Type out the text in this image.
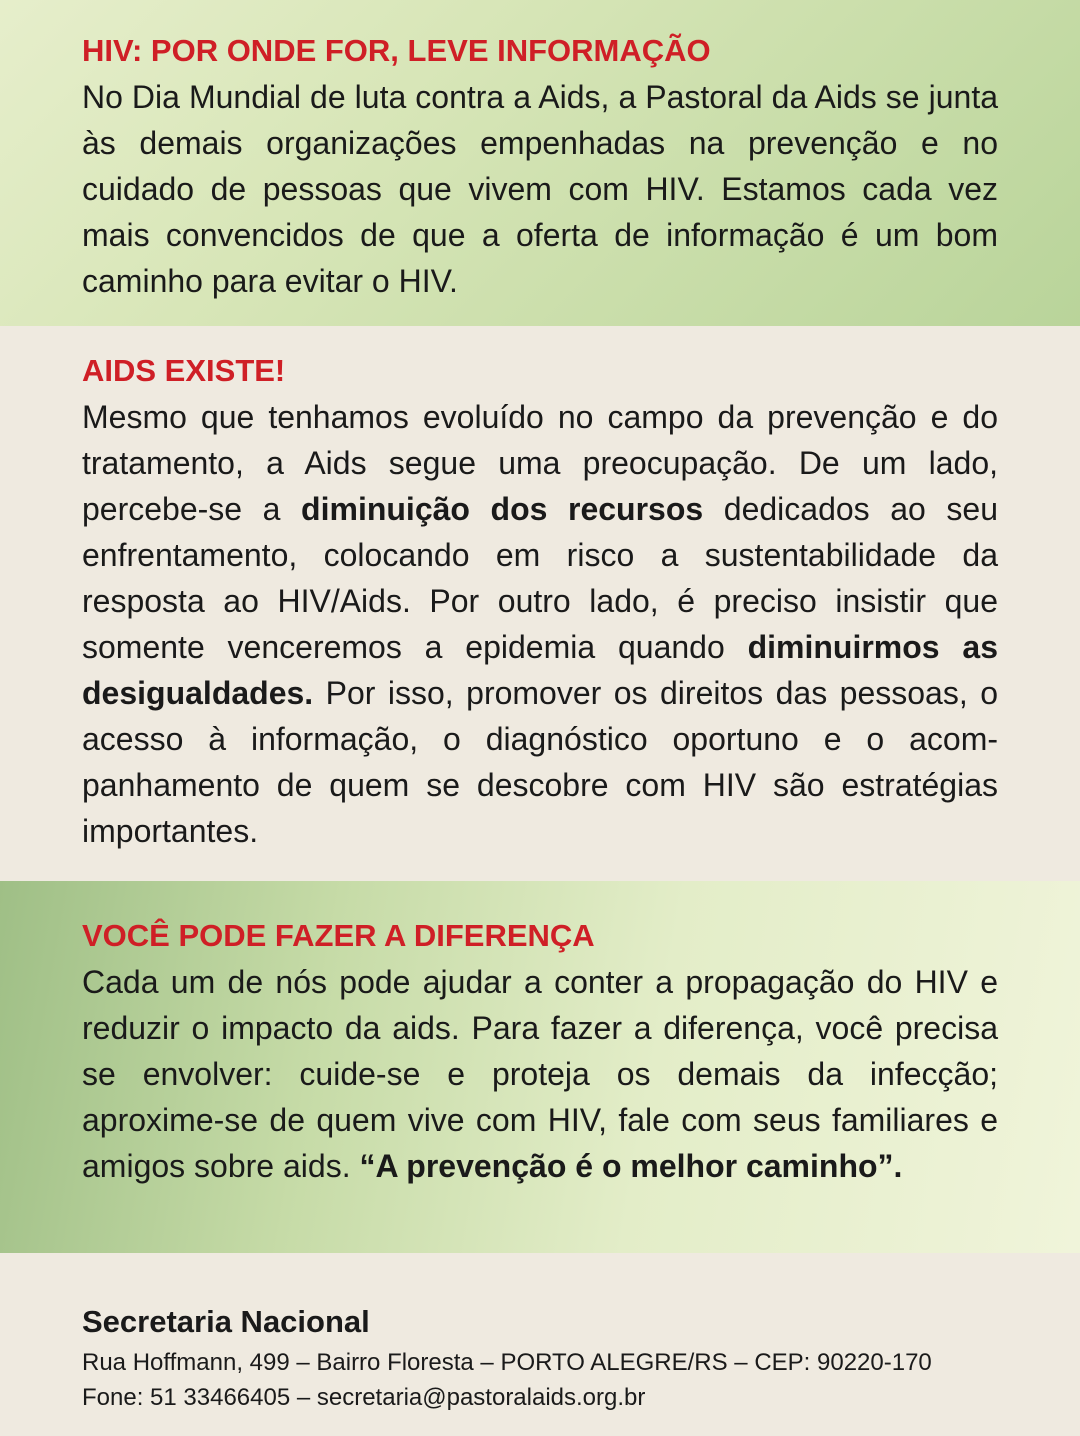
HIV: POR ONDE FOR, LEVE INFORMAÇÃO

No Dia Mundial de luta contra a Aids, a Pastoral da Aids se junta às demais organizações empenhadas na prevenção e no cuidado de pessoas que vivem com HIV. Estamos cada vez mais convencidos de que a oferta de informação é um bom caminho para evitar o HIV.

AIDS EXISTE!

Mesmo que tenhamos evoluído no campo da prevenção e do tratamento, a Aids segue uma preocupação. De um lado, percebe-se a diminuição dos recursos dedicados ao seu enfrentamento, colocando em risco a sustentabilidade da resposta ao HIV/Aids. Por outro lado, é preciso insistir que somente venceremos a epidemia quando diminuirmos as desigualdades. Por isso, promover os direitos das pessoas, o acesso à informação, o diagnóstico oportuno e o acompanhamento de quem se descobre com HIV são estratégias importantes.

VOCÊ PODE FAZER A DIFERENÇA

Cada um de nós pode ajudar a conter a propagação do HIV e reduzir o impacto da aids. Para fazer a diferença, você precisa se envolver: cuide-se e proteja os demais da infecção; aproxime-se de quem vive com HIV, fale com seus familiares e amigos sobre aids. “A prevenção é o melhor caminho”.

Secretaria Nacional

Rua Hoffmann, 499 – Bairro Floresta – PORTO ALEGRE/RS – CEP: 90220-170

Fone: 51 33466405 – secretaria@pastoralaids.org.br
